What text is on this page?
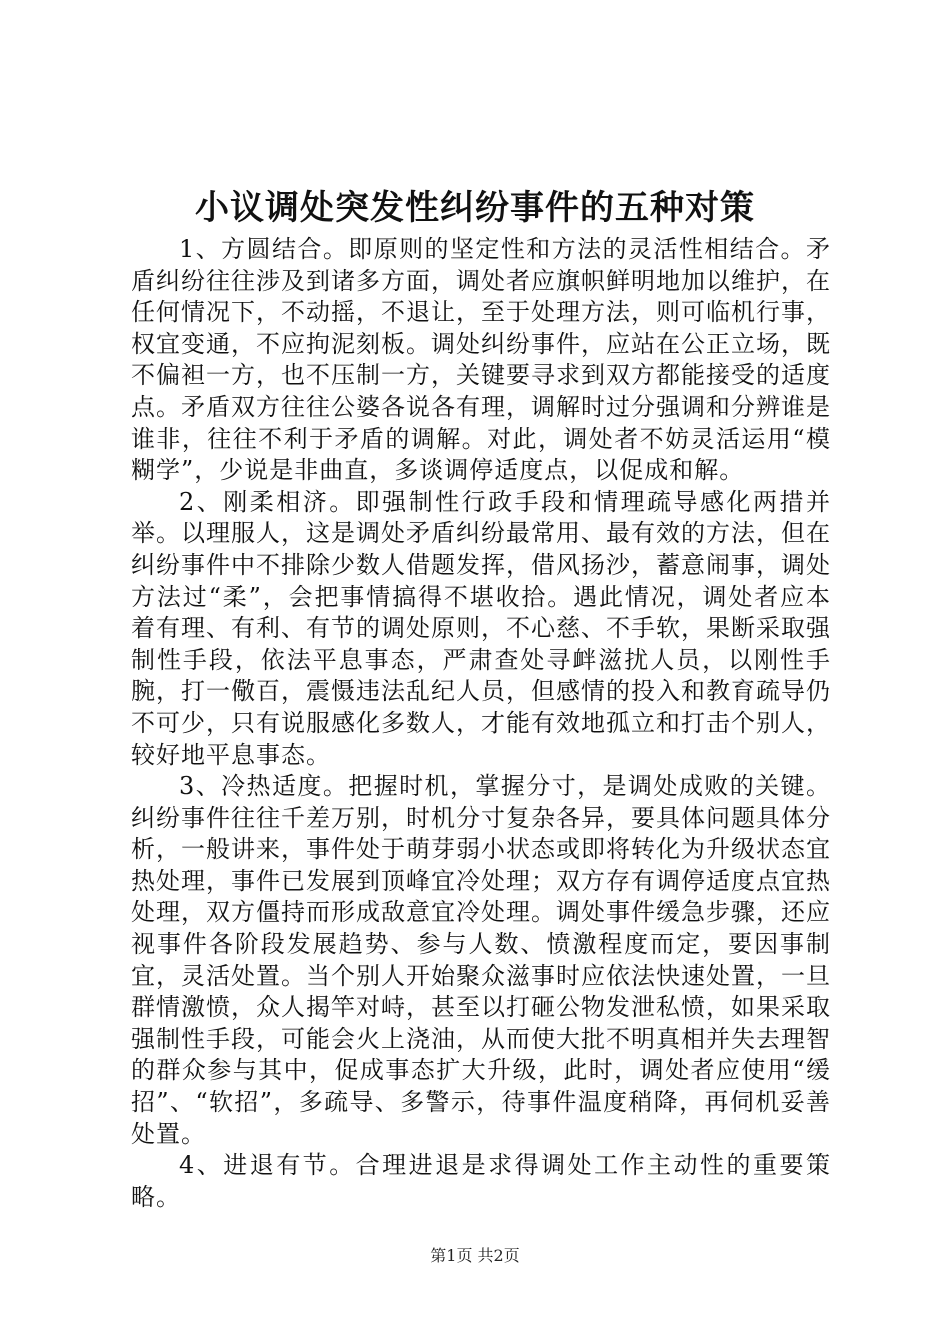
小议调处突发性纠纷事件的五种对策

1、方圆结合。即原则的坚定性和方法的灵活性相结合。矛盾纠纷往往涉及到诸多方面，调处者应旗帜鲜明地加以维护，在任何情况下，不动摇，不退让，至于处理方法，则可临机行事，权宜变通，不应拘泥刻板。调处纠纷事件，应站在公正立场，既不偏袒一方，也不压制一方，关键要寻求到双方都能接受的适度点。矛盾双方往往公婆各说各有理，调解时过分强调和分辨谁是谁非，往往不利于矛盾的调解。对此，调处者不妨灵活运用“模糊学”，少说是非曲直，多谈调停适度点，以促成和解。

2、刚柔相济。即强制性行政手段和情理疏导感化两措并举。以理服人，这是调处矛盾纠纷最常用、最有效的方法，但在纠纷事件中不排除少数人借题发挥，借风扬沙，蓄意闹事，调处方法过“柔”，会把事情搞得不堪收拾。遇此情况，调处者应本着有理、有利、有节的调处原则，不心慈、不手软，果断采取强制性手段，依法平息事态，严肃查处寻衅滋扰人员，以刚性手腕，打一儆百，震慑违法乱纪人员，但感情的投入和教育疏导仍不可少，只有说服感化多数人，才能有效地孤立和打击个别人，较好地平息事态。

3、冷热适度。把握时机，掌握分寸，是调处成败的关键。纠纷事件往往千差万别，时机分寸复杂各异，要具体问题具体分析，一般讲来，事件处于萌芽弱小状态或即将转化为升级状态宜热处理，事件已发展到顶峰宜冷处理；双方存有调停适度点宜热处理，双方僵持而形成敌意宜冷处理。调处事件缓急步骤，还应视事件各阶段发展趋势、参与人数、愤激程度而定，要因事制宜，灵活处置。当个别人开始聚众滋事时应依法快速处置，一旦群情激愤，众人揭竿对峙，甚至以打砸公物发泄私愤，如果采取强制性手段，可能会火上浇油，从而使大批不明真相并失去理智的群众参与其中，促成事态扩大升级，此时，调处者应使用“缓招”、“软招”，多疏导、多警示，待事件温度稍降，再伺机妥善处置。

4、进退有节。合理进退是求得调处工作主动性的重要策略。

第1页 共2页
